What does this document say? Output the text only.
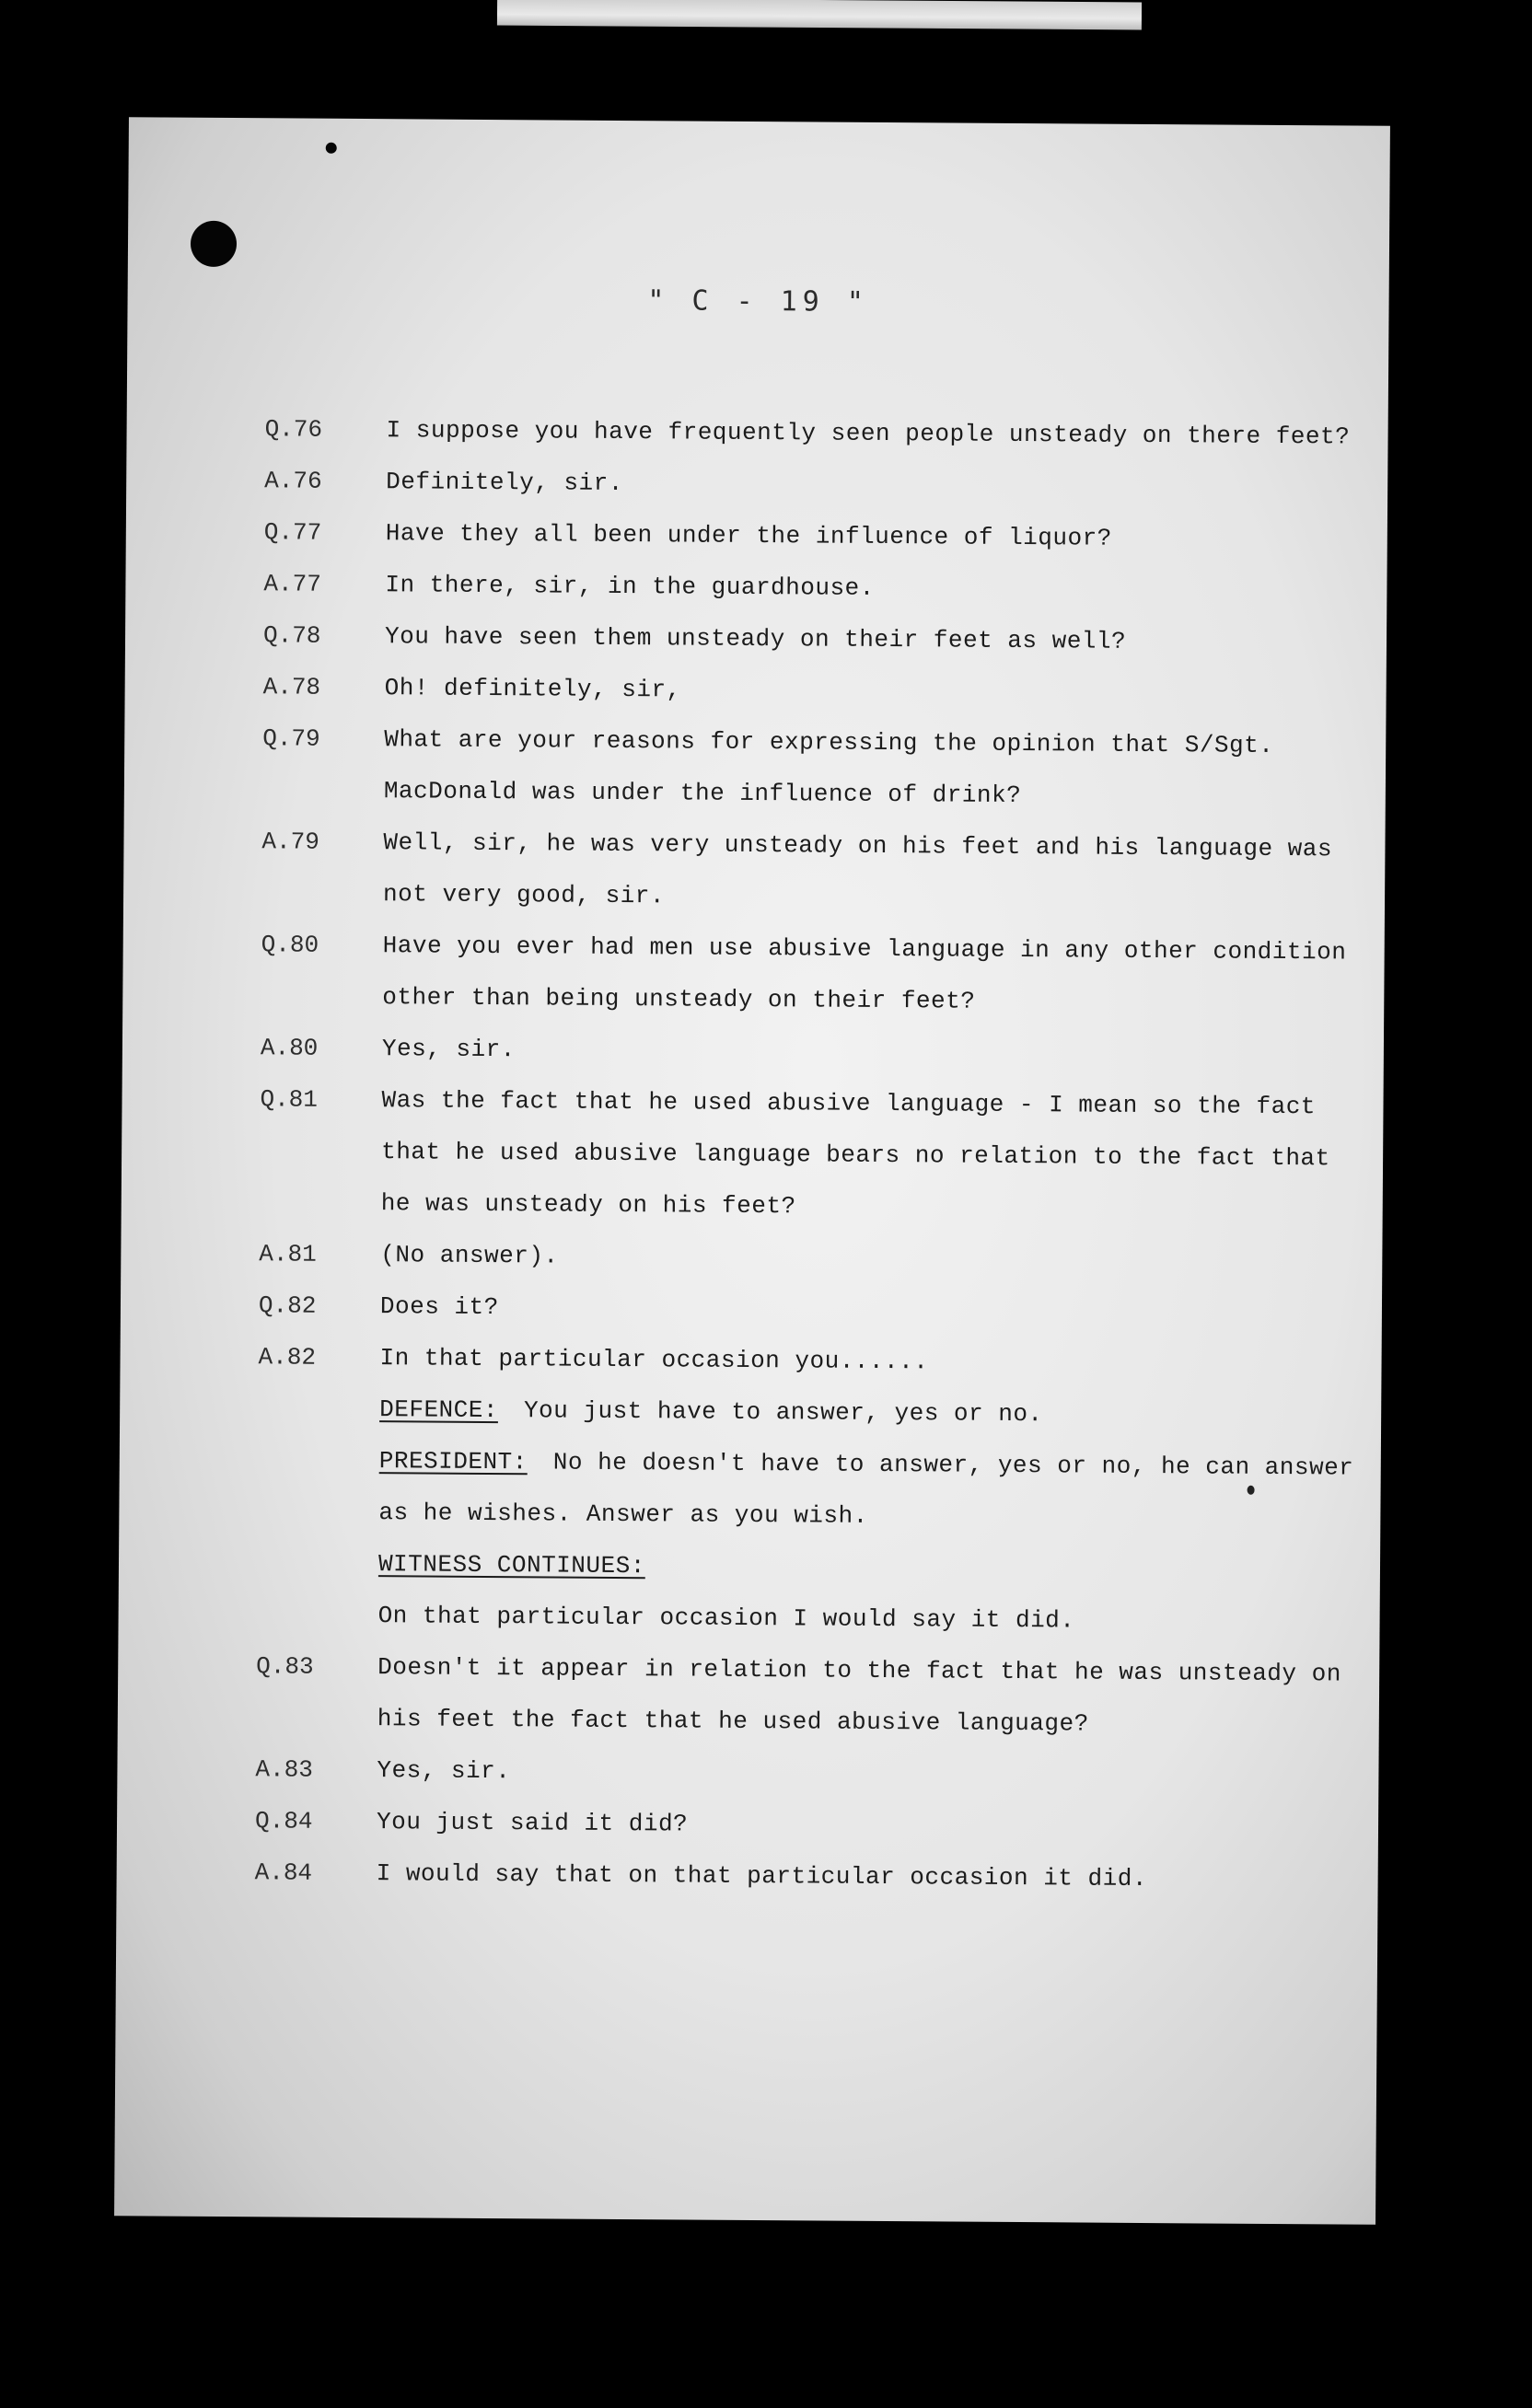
" C - 19 "
Q.76	I suppose you have frequently seen people unsteady on there feet?
A.76	Definitely, sir.
Q.77	Have they all been under the influence of liquor?
A.77	In there, sir, in the guardhouse.
Q.78	You have seen them unsteady on their feet as well?
A.78	Oh! definitely, sir,
Q.79	What are your reasons for expressing the opinion that S/Sgt. MacDonald was under the influence of drink?
A.79	Well, sir, he was very unsteady on his feet and his language was not very good, sir.
Q.80	Have you ever had men use abusive language in any other condition other than being unsteady on their feet?
A.80	Yes, sir.
Q.81	Was the fact that he used abusive language - I mean so the fact that he used abusive language bears no relation to the fact that he was unsteady on his feet?
A.81	(No answer).
Q.82	Does it?
A.82	In that particular occasion you......
DEFENCE: You just have to answer, yes or no.
PRESIDENT: No he doesn't have to answer, yes or no, he can answer as he wishes. Answer as you wish.
WITNESS CONTINUES:
On that particular occasion I would say it did.
Q.83	Doesn't it appear in relation to the fact that he was unsteady on his feet the fact that he used abusive language?
A.83	Yes, sir.
Q.84	You just said it did?
A.84	I would say that on that particular occasion it did.
